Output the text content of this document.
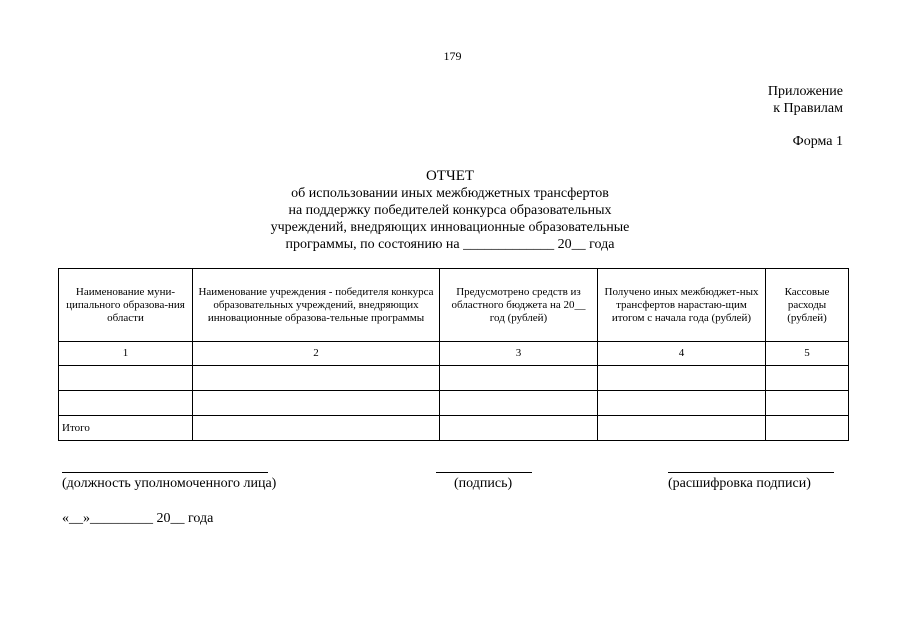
179
Приложение
к Правилам
Форма 1
ОТЧЕТ
об использовании иных межбюджетных трансфертов
на поддержку победителей конкурса образовательных
учреждений, внедряющих инновационные образовательные
программы, по состоянию на _____________ 20__ года
Наименование муни-ципального образова-ния области	Наименование учреждения - победителя конкурса образовательных учреждений, внедряющих инновационные образова-тельные программы	Предусмотрено средств из областного бюджета на 20__ год (рублей)	Получено иных межбюджет-ных трансфертов нарастаю-щим итогом с начала года (рублей)	Кассовые расходы (рублей)
1	2	3	4	5

Итого				
(должность уполномоченного лица)	(подпись)	(расшифровка подписи)
«__»_________ 20__ года
